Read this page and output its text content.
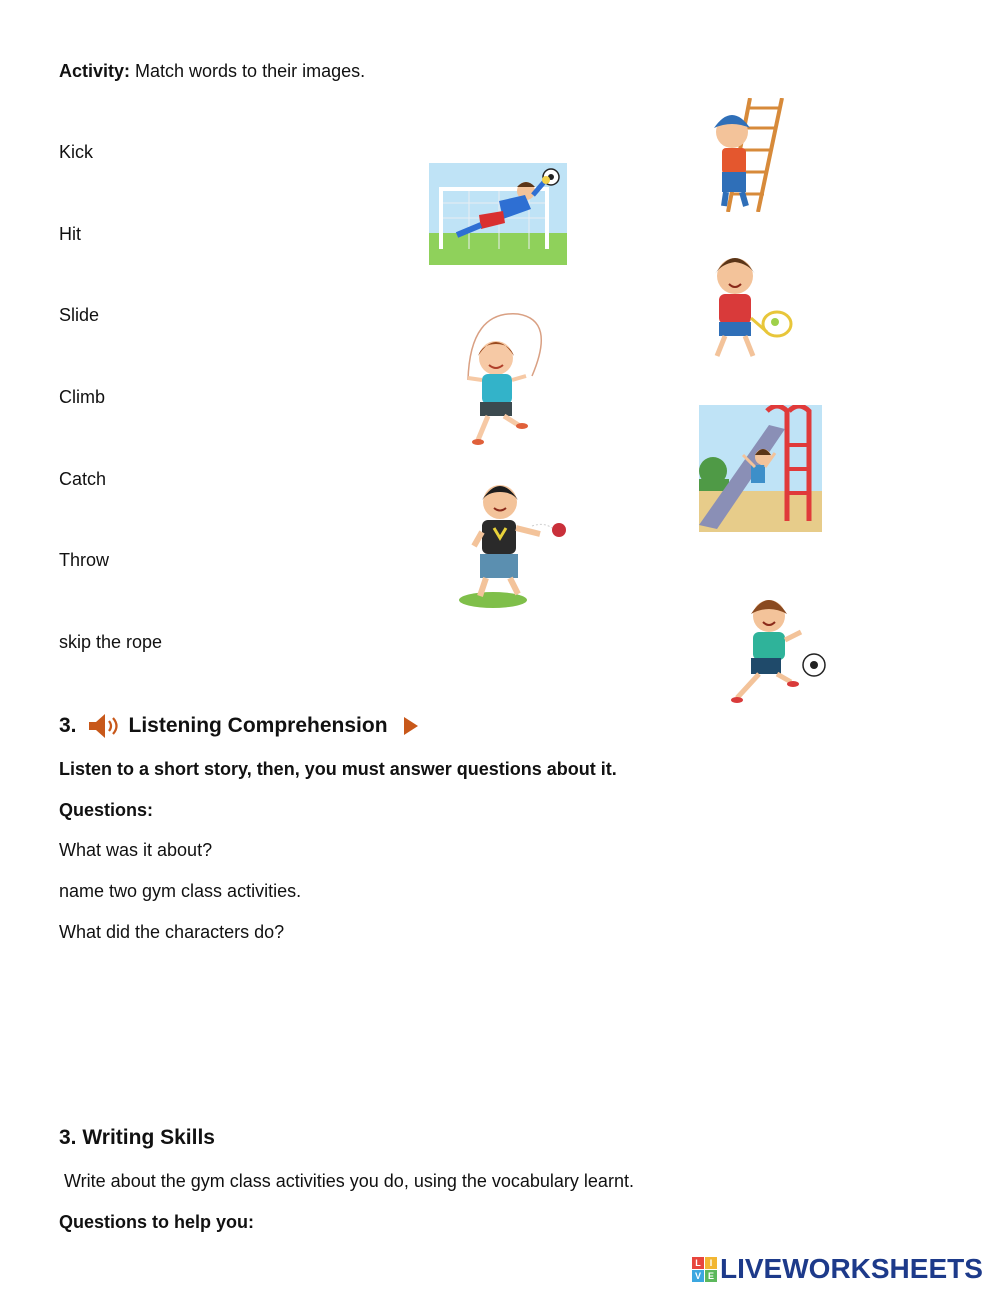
Activity: Match words to their images.
Kick
Hit
Slide
Climb
Catch
Throw
skip the rope
3. Listening Comprehension
Listen to a short story, then, you must answer questions about it.
Questions:
What was it about?
name two gym class activities.
What did the characters do?
3. Writing Skills
Write about the gym class activities you do, using the vocabulary learnt.
Questions to help you:
L I
V E LIVEWORKSHEETS
